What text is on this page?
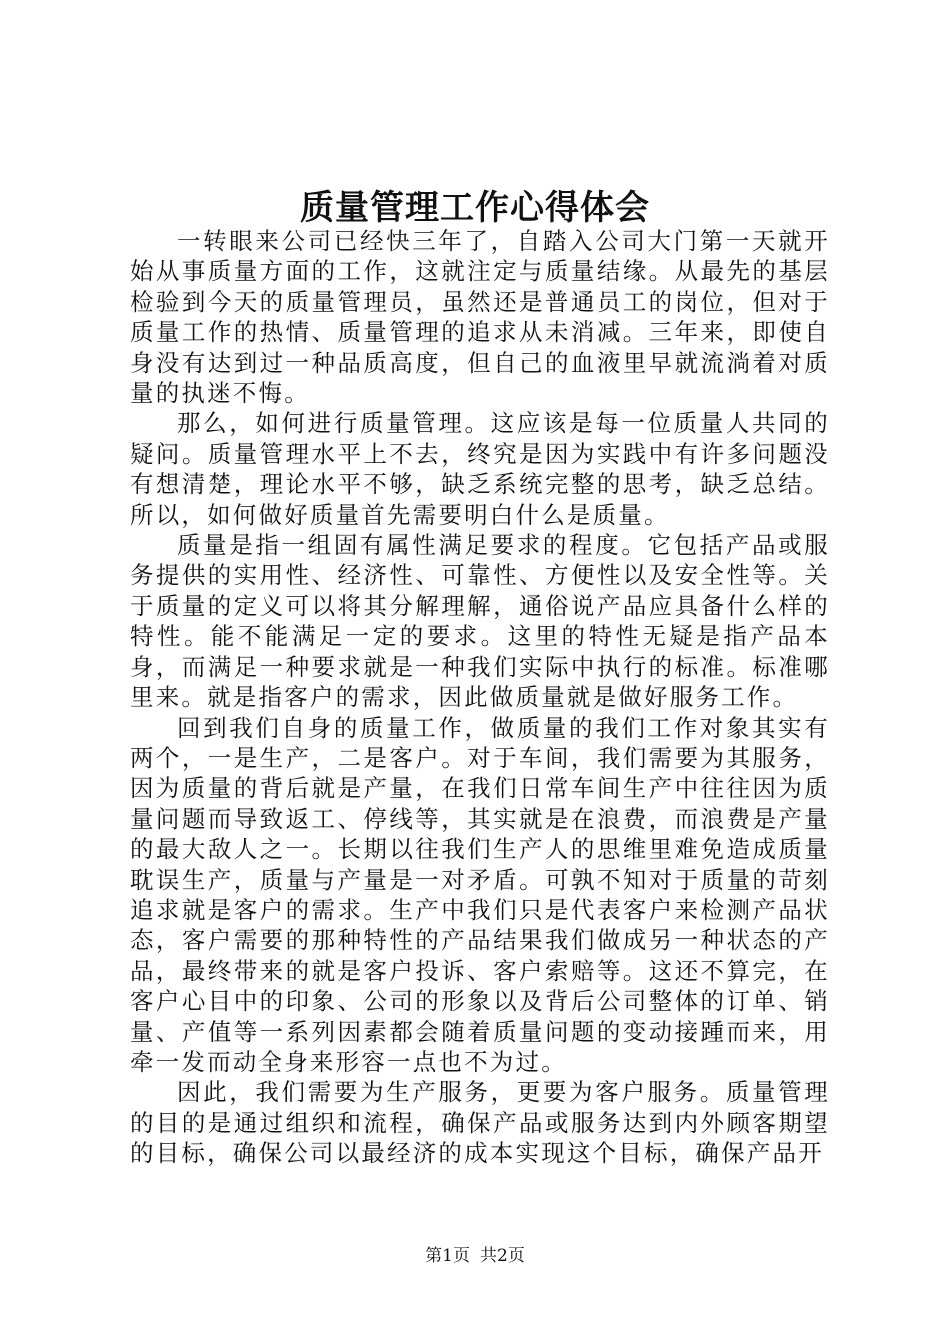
质量管理工作心得体会

一转眼来公司已经快三年了，自踏入公司大门第一天就开始从事质量方面的工作，这就注定与质量结缘。从最先的基层检验到今天的质量管理员，虽然还是普通员工的岗位，但对于质量工作的热情、质量管理的追求从未消减。三年来，即使自身没有达到过一种品质高度，但自己的血液里早就流淌着对质量的执迷不悔。

那么，如何进行质量管理。这应该是每一位质量人共同的疑问。质量管理水平上不去，终究是因为实践中有许多问题没有想清楚，理论水平不够，缺乏系统完整的思考，缺乏总结。所以，如何做好质量首先需要明白什么是质量。

质量是指一组固有属性满足要求的程度。它包括产品或服务提供的实用性、经济性、可靠性、方便性以及安全性等。关于质量的定义可以将其分解理解，通俗说产品应具备什么样的特性。能不能满足一定的要求。这里的特性无疑是指产品本身，而满足一种要求就是一种我们实际中执行的标准。标准哪里来。就是指客户的需求，因此做质量就是做好服务工作。

回到我们自身的质量工作，做质量的我们工作对象其实有两个，一是生产，二是客户。对于车间，我们需要为其服务，因为质量的背后就是产量，在我们日常车间生产中往往因为质量问题而导致返工、停线等，其实就是在浪费，而浪费是产量的最大敌人之一。长期以往我们生产人的思维里难免造成质量耽误生产，质量与产量是一对矛盾。可孰不知对于质量的苛刻追求就是客户的需求。生产中我们只是代表客户来检测产品状态，客户需要的那种特性的产品结果我们做成另一种状态的产品，最终带来的就是客户投诉、客户索赔等。这还不算完，在客户心目中的印象、公司的形象以及背后公司整体的订单、销量、产值等一系列因素都会随着质量问题的变动接踵而来，用牵一发而动全身来形容一点也不为过。

因此，我们需要为生产服务，更要为客户服务。质量管理的目的是通过组织和流程，确保产品或服务达到内外顾客期望的目标，确保公司以最经济的成本实现这个目标，确保产品开

第1页 共2页
